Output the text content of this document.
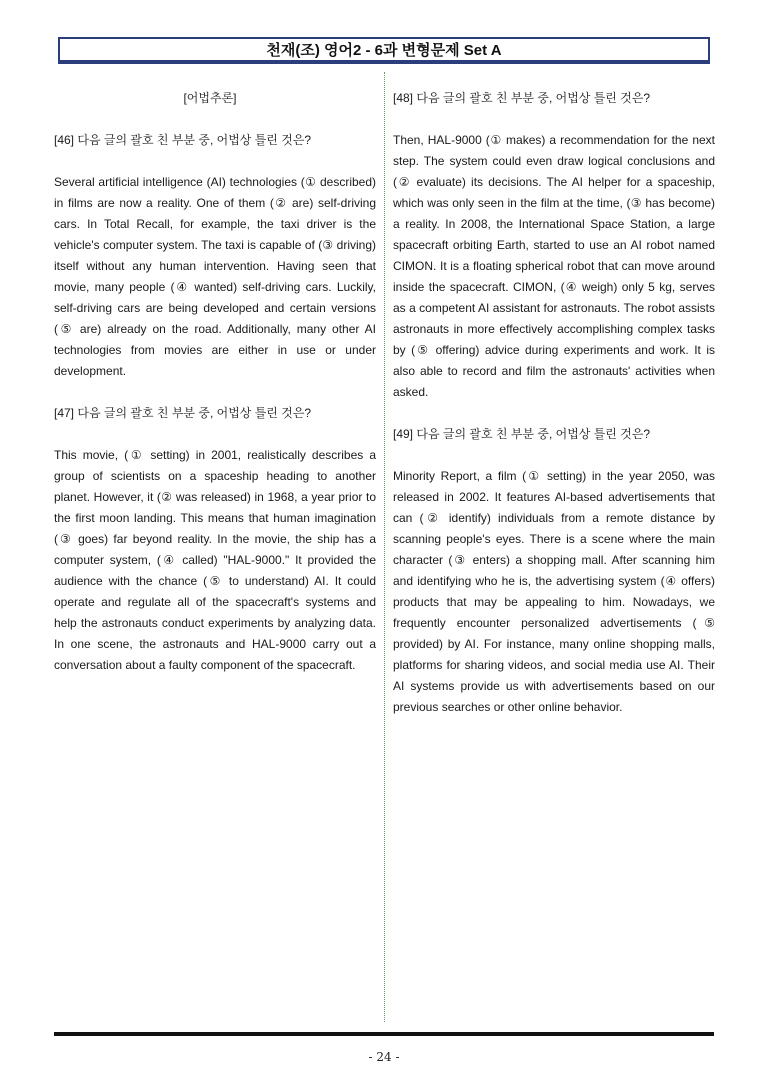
천재(조) 영어2 - 6과 변형문제 Set A
[어법추론]
[46] 다음 글의 괄호 친 부분 중, 어법상 틀린 것은?
Several artificial intelligence (AI) technologies (① described) in films are now a reality. One of them (② are) self-driving cars. In Total Recall, for example, the taxi driver is the vehicle's computer system. The taxi is capable of (③ driving) itself without any human intervention. Having seen that movie, many people (④ wanted) self-driving cars. Luckily, self-driving cars are being developed and certain versions (⑤ are) already on the road. Additionally, many other AI technologies from movies are either in use or under development.
[47] 다음 글의 괄호 친 부분 중, 어법상 틀린 것은?
This movie, (① setting) in 2001, realistically describes a group of scientists on a spaceship heading to another planet. However, it (② was released) in 1968, a year prior to the first moon landing. This means that human imagination (③ goes) far beyond reality. In the movie, the ship has a computer system, (④ called) "HAL-9000." It provided the audience with the chance (⑤ to understand) AI. It could operate and regulate all of the spacecraft's systems and help the astronauts conduct experiments by analyzing data. In one scene, the astronauts and HAL-9000 carry out a conversation about a faulty component of the spacecraft.
[48] 다음 글의 괄호 친 부분 중, 어법상 틀린 것은?
Then, HAL-9000 (① makes) a recommendation for the next step. The system could even draw logical conclusions and (② evaluate) its decisions. The AI helper for a spaceship, which was only seen in the film at the time, (③ has become) a reality. In 2008, the International Space Station, a large spacecraft orbiting Earth, started to use an AI robot named CIMON. It is a floating spherical robot that can move around inside the spacecraft. CIMON, (④ weigh) only 5 kg, serves as a competent AI assistant for astronauts. The robot assists astronauts in more effectively accomplishing complex tasks by (⑤ offering) advice during experiments and work. It is also able to record and film the astronauts' activities when asked.
[49] 다음 글의 괄호 친 부분 중, 어법상 틀린 것은?
Minority Report, a film (① setting) in the year 2050, was released in 2002. It features AI-based advertisements that can (② identify) individuals from a remote distance by scanning people's eyes. There is a scene where the main character (③ enters) a shopping mall. After scanning him and identifying who he is, the advertising system (④ offers) products that may be appealing to him. Nowadays, we frequently encounter personalized advertisements (⑤ provided) by AI. For instance, many online shopping malls, platforms for sharing videos, and social media use AI. Their AI systems provide us with advertisements based on our previous searches or other online behavior.
- 24 -
